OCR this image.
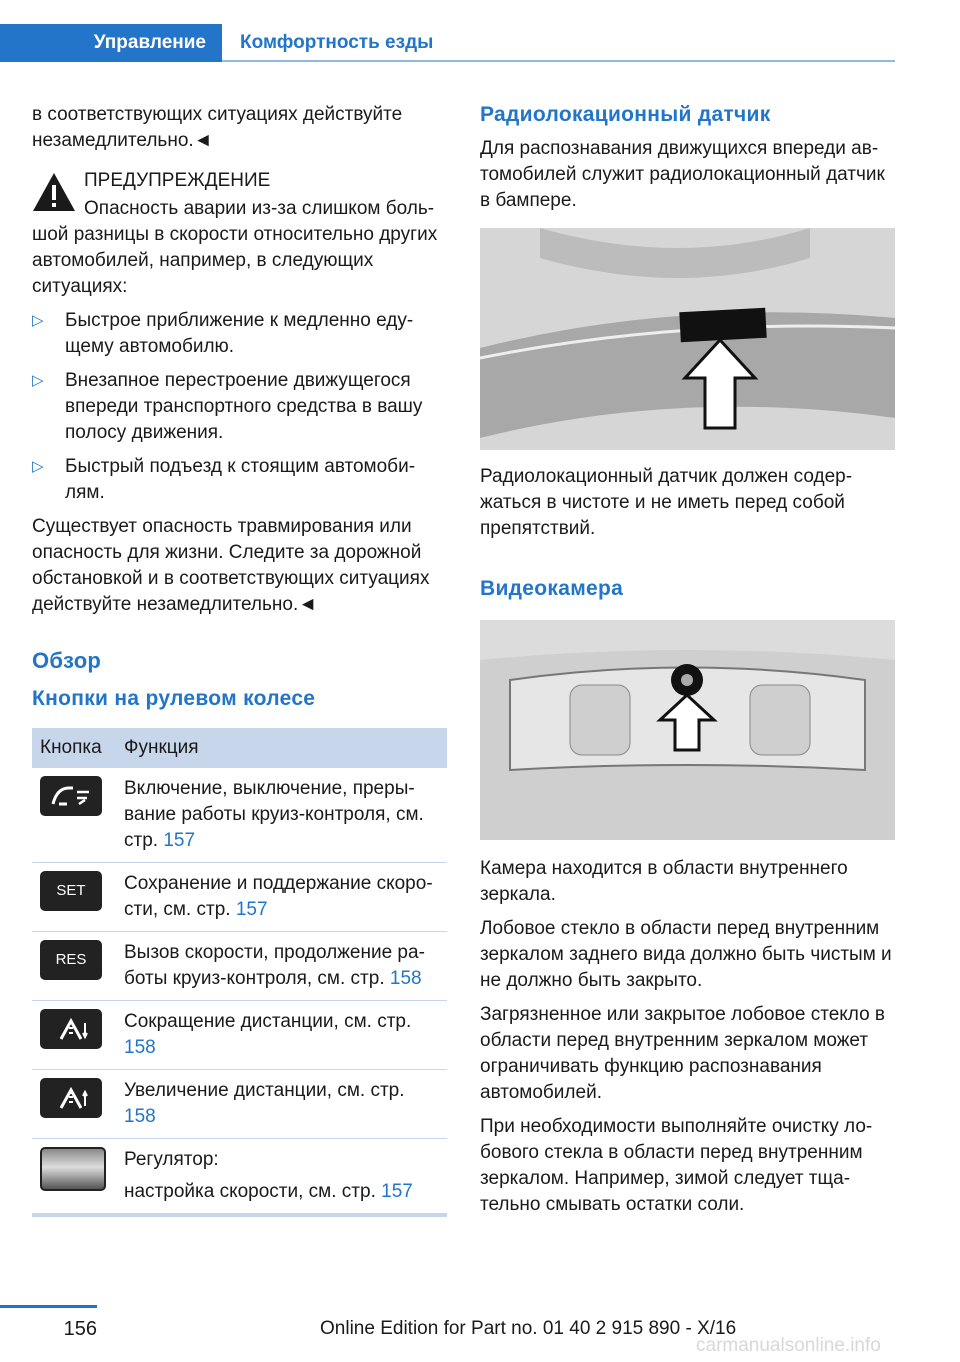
Управление	Комфортность езды

в соответствующих ситуациях действуйте незамедлительно.◄

ПРЕДУПРЕЖДЕНИЕ

Опасность аварии из-за слишком большой разницы в скорости относительно других автомобилей, например, в следующих ситуациях:

▷ Быстрое приближение к медленно едущему автомобилю.
▷ Внезапное перестроение движущегося впереди транспортного средства в вашу полосу движения.
▷ Быстрый подъезд к стоящим автомобилям.

Существует опасность травмирования или опасность для жизни. Следите за дорожной обстановкой и в соответствующих ситуациях действуйте незамедлительно.◄

Обзор
Кнопки на рулевом колесе
Кнопка	Функция

	Включение, выключение, прерывание работы круиз-контроля, см. стр. 157

SET	Сохранение и поддержание скорости, см. стр. 157

RES	Вызов скорости, продолжение работы круиз-контроля, см. стр. 158

	Сокращение дистанции, см. стр. 158

	Увеличение дистанции, см. стр. 158

	Регулятор:
настройка скорости, см. стр. 157
Радиолокационный датчик

Для распознавания движущихся впереди автомобилей служит радиолокационный датчик в бампере.

Радиолокационный датчик должен содержаться в чистоте и не иметь перед собой препятствий.

Видеокамера

Камера находится в области внутреннего зеркала.

Лобовое стекло в области перед внутренним зеркалом заднего вида должно быть чистым и не должно быть закрыто.

Загрязненное или закрытое лобовое стекло в области перед внутренним зеркалом может ограничивать функцию распознавания автомобилей.

При необходимости выполняйте очистку лобового стекла в области перед внутренним зеркалом. Например, зимой следует тщательно смывать остатки соли.

156	Online Edition for Part no. 01 40 2 915 890 - X/16
carmanualsonline.info
